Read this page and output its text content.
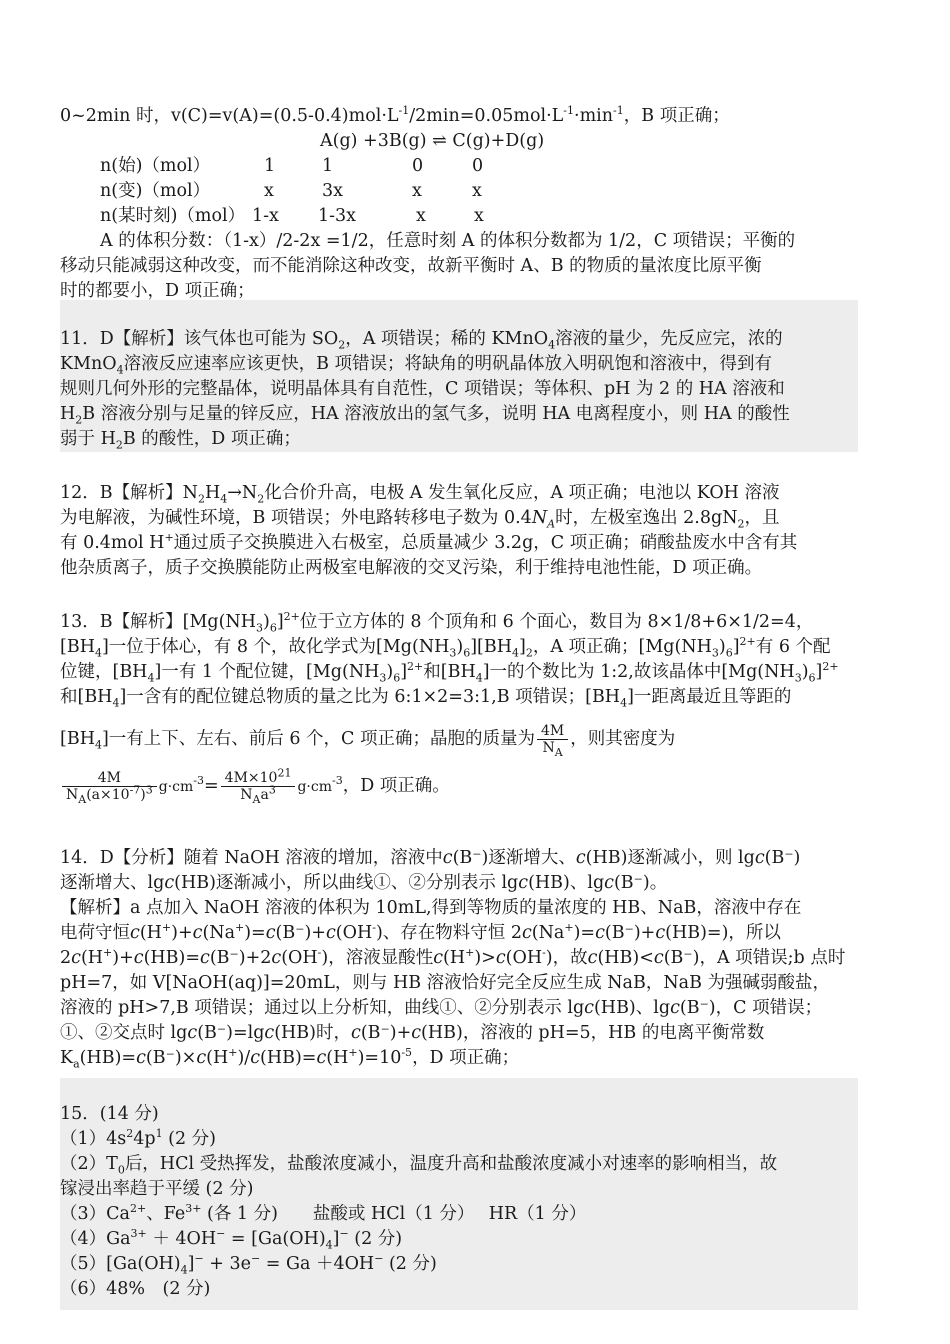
0~2min 时，$v(C)=v(A)=(0.5-0.4)mol\cdot L^{-1}/2\min=0.05mol\cdot L^{-1}\cdot\min^{-1}$，B 项正确；
A(g) +3B(g) ⇌ C(g)+D(g)
n(始)（mol）	1	1	0	0
n(变)（mol）	x	3x	x	x
n(某时刻)（mol） 1-x 1-3x	x	x
A 的体积分数：（1-x）/2-2x =1/2，任意时刻 A 的体积分数都为 1/2，C 项错误；平衡的
移动只能减弱这种改变，而不能消除这种改变，故新平衡时 A、B 的物质的量浓度比原平衡
时的都要小，D 项正确；
11．D【解析】该气体也可能为 $SO_2$，A 项错误；稀的 KMnO$_4$溶液的量少，先反应完，浓的
KMnO$_4$溶液反应速率应该更快，B 项错误；将缺角的明矾晶体放入明矾饱和溶液中，得到有
规则几何外形的完整晶体，说明晶体具有自范性，C 项错误；等体积、pH 为 2 的 HA 溶液和
$H_2B$ 溶液分别与足量的锌反应，HA 溶液放出的氢气多，说明 HA 电离程度小，则 HA 的酸性
弱于 $H_2B$ 的酸性，D 项正确；
12．B【解析】$N_2H_4\to N_2$化合价升高，电极 A 发生氧化反应，A 项正确；电池以 KOH 溶液
为电解液，为碱性环境，B 项错误；外电路转移电子数为 $0.4N_A$时，左极室逸出 $2.8gN_2$，且
有 0.4mol H+通过质子交换膜进入右极室，总质量减少 3.2g，C 项正确；硝酸盐废水中含有其
他杂质离子，质子交换膜能防止两极室电解液的交叉污染，利于维持电池性能，D 项正确。
13．B【解析】$[Mg(NH_3)_6]^{2+}$位于立方体的 8 个顶角和 6 个面心，数目为 8×1/8+6×1/2=4，
$[BH_4]$一位于体心，有 8 个，故化学式为$[Mg(NH_3)_6][BH_4]_2$，A 项正确；$[Mg(NH_3)_6]^{2+}$有 6 个配
位键，$[BH_4]$一有 1 个配位键，$[Mg(NH_3)_6]^{2+}$和$[BH_4]$一的个数比为 1:2,故该晶体中$[Mg(NH_3)_6]^{2+}$
和$[BH_4]$一含有的配位键总物质的量之比为 6:1×2=3:1,B 项错误；$[BH_4]$一距离最近且等距的
$[BH_4]$一有上下、左右、前后 6 个，C 项正确；晶胞的质量为 $\frac{4M}{N_A}$ ，则其密度为
$\frac{4M}{N_A(a\times 10^{-7})^3} g\cdot cm^{-3}= \frac{4M\times 10^{21}}{N_Aa^3} g\cdot cm^{-3}$，D 项正确。
14．D【分析】随着 NaOH 溶液的增加，溶液中c(B⁻)逐渐增大、c(HB)逐渐减小，则 lgc(B⁻)
逐渐增大、lgc(HB)逐渐减小，所以曲线①、②分别表示 lgc(HB)、lgc(B⁻)。
【解析】a 点加入 NaOH 溶液的体积为 10mL,得到等物质的量浓度的 HB、NaB，溶液中存在
电荷守恒c(H+)+c(Na+)=c(B⁻)+c(OH-)、存在物料守恒 2c(Na+)=c(B⁻)+c(HB)=)，所以
2c(H+)+c(HB)=c(B⁻)+2c(OH-)，溶液显酸性c(H+)>c(OH-)，故c(HB)<c(B⁻)，A 项错误;b 点时
pH=7，如 V[NaOH(aq)]=20mL，则与 HB 溶液恰好完全反应生成 NaB，NaB 为强碱弱酸盐，
溶液的 pH>7,B 项错误；通过以上分析知，曲线①、②分别表示 lgc(HB)、lgc(B⁻)，C 项错误；
①、②交点时 lgc(B⁻)=lgc(HB)时，c(B⁻)+c(HB)，溶液的 pH=5，HB 的电离平衡常数
$K_a(HB)=c(B^-)\times c(H^+)/c(HB)=c(H^+)=10^{-5}$，D 项正确；
15．(14 分)
$(1)4s^24p^1$ (2 分)
$(2)T_0$后，HCl 受热挥发，盐酸浓度减小，温度升高和盐酸浓度减小对速率的影响相当，故
镓浸出率趋于平缓 (2 分)
$(3)Ca^{2+}$、$Fe^{3+}$ (各 1 分)　　盐酸或 HCl（1 分）　 HR（1 分）
$(4)Ga^{3+} + 4OH^- = [Ga(OH)_4]^-$ (2 分)
$(5)[Ga(OH)_4]^- + 3e^- = Ga +4OH^-$ (2 分)
（6）48%　(2 分)
